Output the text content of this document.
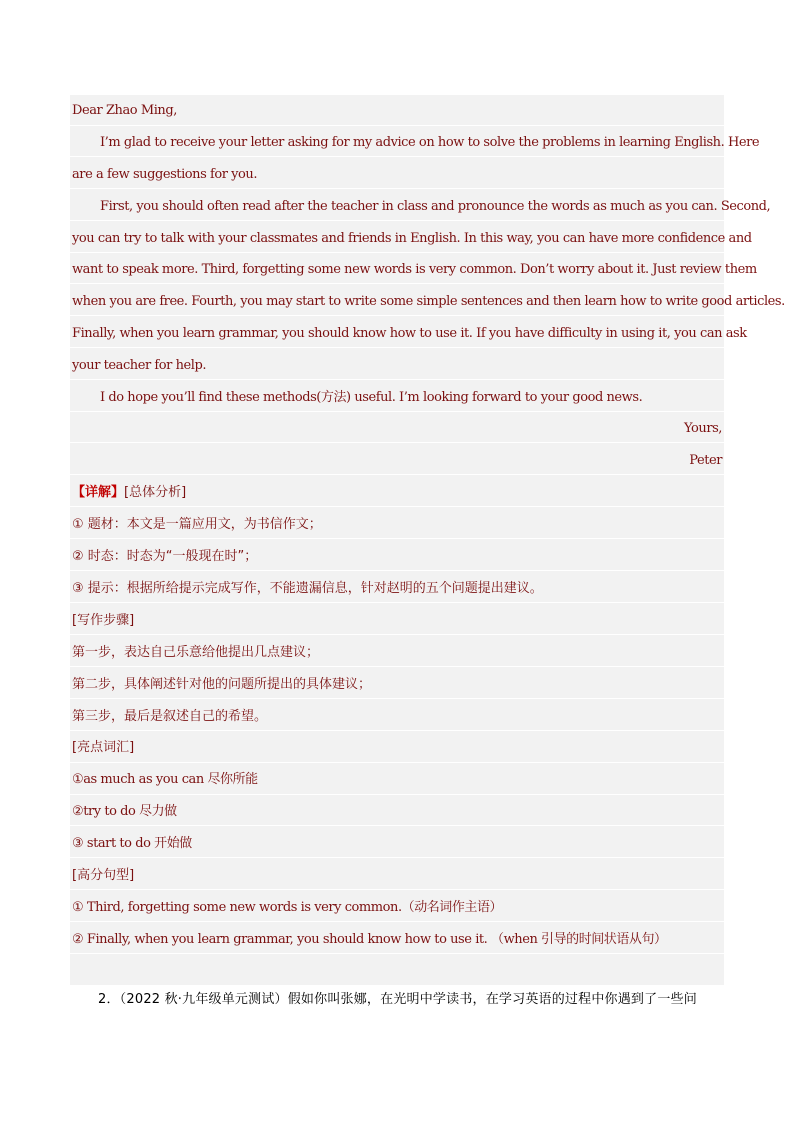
Dear Zhao Ming,
I’m glad to receive your letter asking for my advice on how to solve the problems in learning English. Here
are a few suggestions for you.
First, you should often read after the teacher in class and pronounce the words as much as you can. Second,
you can try to talk with your classmates and friends in English. In this way, you can have more confidence and
want to speak more. Third, forgetting some new words is very common. Don’t worry about it. Just review them
when you are free. Fourth, you may start to write some simple sentences and then learn how to write good articles.
Finally, when you learn grammar, you should know how to use it. If you have difficulty in using it, you can ask
your teacher for help.
I do hope you’ll find these methods(方法) useful. I’m looking forward to your good news.
Yours,
Peter
【详解】[总体分析]
① 题材：本文是一篇应用文，为书信作文；
② 时态：时态为“一般现在时”；
③ 提示：根据所给提示完成写作，不能遗漏信息，针对赵明的五个问题提出建议。
[写作步骤]
第一步，表达自己乐意给他提出几点建议；
第二步，具体阐述针对他的问题所提出的具体建议；
第三步，最后是叙述自己的希望。
[亮点词汇]
①as much as you can 尽你所能
②try to do 尽力做
③ start to do 开始做
[高分句型]
① Third, forgetting some new words is very common.（动名词作主语）
② Finally, when you learn grammar, you should know how to use it. （when 引导的时间状语从句）
2．（2022 秋·九年级单元测试）假如你叫张娜，在光明中学读书，在学习英语的过程中你遇到了一些问
